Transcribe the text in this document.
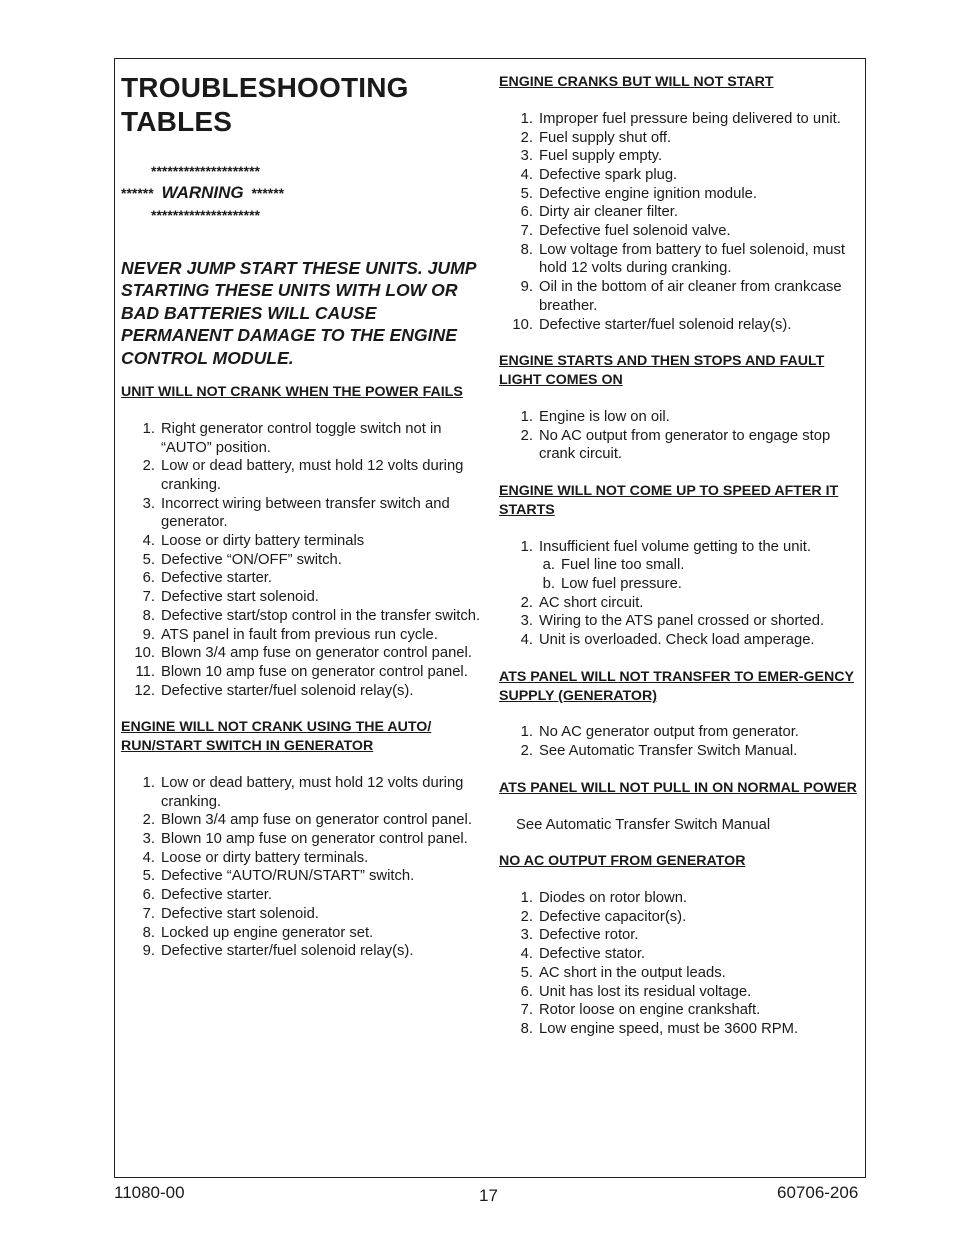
TROUBLESHOOTING TABLES
********************
****** WARNING ******
********************
NEVER JUMP START THESE UNITS. JUMP STARTING THESE UNITS WITH LOW OR BAD BATTERIES WILL CAUSE PERMANENT DAMAGE TO THE ENGINE CONTROL MODULE.
UNIT WILL NOT CRANK WHEN THE POWER FAILS
1. Right generator control toggle switch not in “AUTO” position.
2. Low or dead battery, must hold 12 volts during cranking.
3. Incorrect wiring between transfer switch and generator.
4. Loose or dirty battery terminals
5. Defective “ON/OFF” switch.
6. Defective starter.
7. Defective start solenoid.
8. Defective start/stop control in the transfer switch.
9. ATS panel in fault from previous run cycle.
10. Blown 3/4 amp fuse on generator control panel.
11. Blown 10 amp fuse on generator control panel.
12. Defective starter/fuel solenoid relay(s).
ENGINE WILL NOT CRANK USING THE AUTO/ RUN/START SWITCH IN GENERATOR
1. Low or dead battery, must hold 12 volts during cranking.
2. Blown 3/4 amp fuse on generator control panel.
3. Blown 10 amp fuse on generator control panel.
4. Loose or dirty battery terminals.
5. Defective “AUTO/RUN/START” switch.
6. Defective starter.
7. Defective start solenoid.
8. Locked up engine generator set.
9. Defective starter/fuel solenoid relay(s).
ENGINE CRANKS BUT WILL NOT START
1. Improper fuel pressure being delivered to unit.
2. Fuel supply shut off.
3. Fuel supply empty.
4. Defective spark plug.
5. Defective engine ignition module.
6. Dirty air cleaner filter.
7. Defective fuel solenoid valve.
8. Low voltage from battery to fuel solenoid, must hold 12 volts during cranking.
9. Oil in the bottom of air cleaner from crankcase breather.
10. Defective starter/fuel solenoid relay(s).
ENGINE STARTS AND THEN STOPS AND FAULT LIGHT COMES ON
1. Engine is low on oil.
2. No AC output from generator to engage stop crank circuit.
ENGINE WILL NOT COME UP TO SPEED AFTER IT STARTS
1. Insufficient fuel volume getting to the unit.
a. Fuel line too small.
b. Low fuel pressure.
2. AC short circuit.
3. Wiring to the ATS panel crossed or shorted.
4. Unit is overloaded. Check load amperage.
ATS PANEL WILL NOT TRANSFER TO EMER-GENCY SUPPLY (GENERATOR)
1. No AC generator output from generator.
2. See Automatic Transfer Switch Manual.
ATS PANEL WILL NOT PULL IN ON NORMAL POWER
See Automatic Transfer Switch Manual
NO AC OUTPUT FROM GENERATOR
1. Diodes on rotor blown.
2. Defective capacitor(s).
3. Defective rotor.
4. Defective stator.
5. AC short in the output leads.
6. Unit has lost its residual voltage.
7. Rotor loose on engine crankshaft.
8. Low engine speed, must be 3600 RPM.
11080-00	17	60706-206
